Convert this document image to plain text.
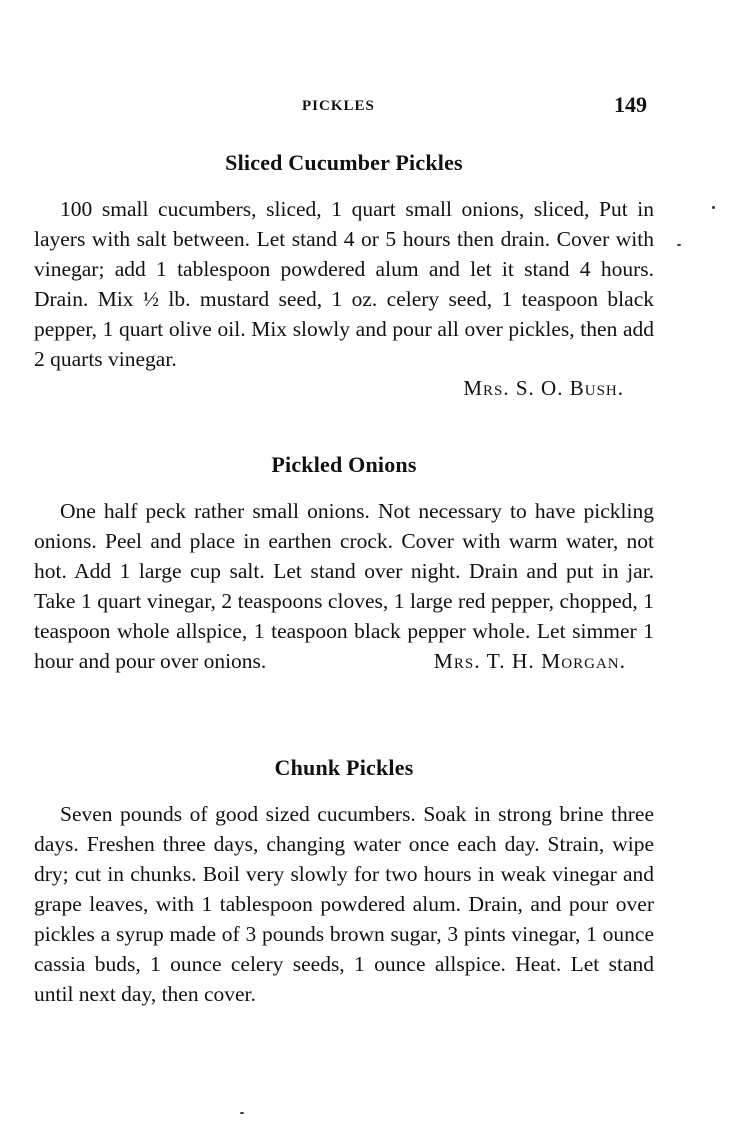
PICKLES	149
Sliced Cucumber Pickles

100 small cucumbers, sliced, 1 quart small onions, sliced, Put in layers with salt between. Let stand 4 or 5 hours then drain. Cover with vinegar; add 1 tablespoon powdered alum and let it stand 4 hours. Drain. Mix ½ lb. mustard seed, 1 oz. celery seed, 1 teaspoon black pepper, 1 quart olive oil. Mix slowly and pour all over pickles, then add 2 quarts vinegar.

Mrs. S. O. Bush.

Pickled Onions

One half peck rather small onions. Not necessary to have pickling onions. Peel and place in earthen crock. Cover with warm water, not hot. Add 1 large cup salt. Let stand over night. Drain and put in jar. Take 1 quart vinegar, 2 teaspoons cloves, 1 large red pepper, chopped, 1 teaspoon whole allspice, 1 teaspoon black pepper whole. Let simmer 1 hour and pour over onions.	Mrs. T. H. Morgan.

Chunk Pickles

Seven pounds of good sized cucumbers. Soak in strong brine three days. Freshen three days, changing water once each day. Strain, wipe dry; cut in chunks. Boil very slowly for two hours in weak vinegar and grape leaves, with 1 tablespoon powdered alum. Drain, and pour over pickles a syrup made of 3 pounds brown sugar, 3 pints vinegar, 1 ounce cassia buds, 1 ounce celery seeds, 1 ounce allspice. Heat. Let stand until next day, then cover.
